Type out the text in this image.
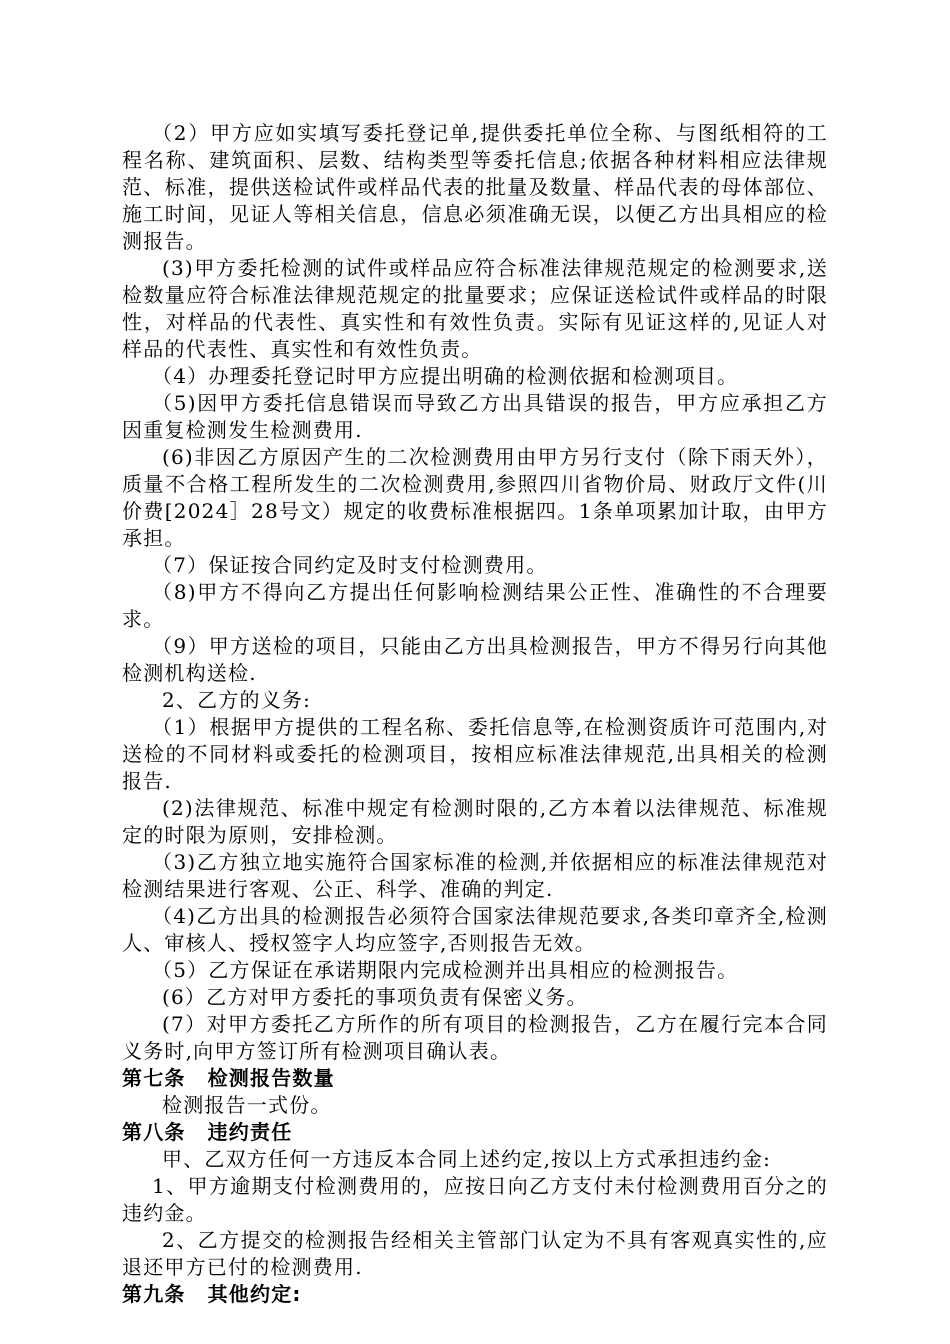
（2）甲方应如实填写委托登记单,提供委托单位全称、与图纸相符的工程名称、建筑面积、层数、结构类型等委托信息;依据各种材料相应法律规范、标准，提供送检试件或样品代表的批量及数量、样品代表的母体部位、施工时间，见证人等相关信息，信息必须准确无误，以便乙方出具相应的检测报告。

(3)甲方委托检测的试件或样品应符合标准法律规范规定的检测要求,送检数量应符合标准法律规范规定的批量要求；应保证送检试件或样品的时限性，对样品的代表性、真实性和有效性负责。实际有见证这样的,见证人对样品的代表性、真实性和有效性负责。

（4）办理委托登记时甲方应提出明确的检测依据和检测项目。

（5)因甲方委托信息错误而导致乙方出具错误的报告，甲方应承担乙方因重复检测发生检测费用.

(6)非因乙方原因产生的二次检测费用由甲方另行支付（除下雨天外），质量不合格工程所发生的二次检测费用,参照四川省物价局、财政厅文件(川价费[2024］28号文）规定的收费标准根据四。1条单项累加计取，由甲方承担。

（7）保证按合同约定及时支付检测费用。

（8)甲方不得向乙方提出任何影响检测结果公正性、准确性的不合理要求。

（9）甲方送检的项目，只能由乙方出具检测报告，甲方不得另行向其他检测机构送检.

2、乙方的义务:

（1）根据甲方提供的工程名称、委托信息等,在检测资质许可范围内,对送检的不同材料或委托的检测项目，按相应标准法律规范,出具相关的检测报告.

(2)法律规范、标准中规定有检测时限的,乙方本着以法律规范、标准规定的时限为原则，安排检测。

（3)乙方独立地实施符合国家标准的检测,并依据相应的标准法律规范对检测结果进行客观、公正、科学、准确的判定.

（4)乙方出具的检测报告必须符合国家法律规范要求,各类印章齐全,检测人、审核人、授权签字人均应签字,否则报告无效。

（5）乙方保证在承诺期限内完成检测并出具相应的检测报告。

(6）乙方对甲方委托的事项负责有保密义务。

(7）对甲方委托乙方所作的所有项目的检测报告，乙方在履行完本合同义务时,向甲方签订所有检测项目确认表。

第七条 检测报告数量

检测报告一式份。

第八条 违约责任

甲、乙双方任何一方违反本合同上述约定,按以上方式承担违约金:

1、甲方逾期支付检测费用的，应按日向乙方支付未付检测费用百分之的违约金。

2、乙方提交的检测报告经相关主管部门认定为不具有客观真实性的,应退还甲方已付的检测费用.

第九条 其他约定:
